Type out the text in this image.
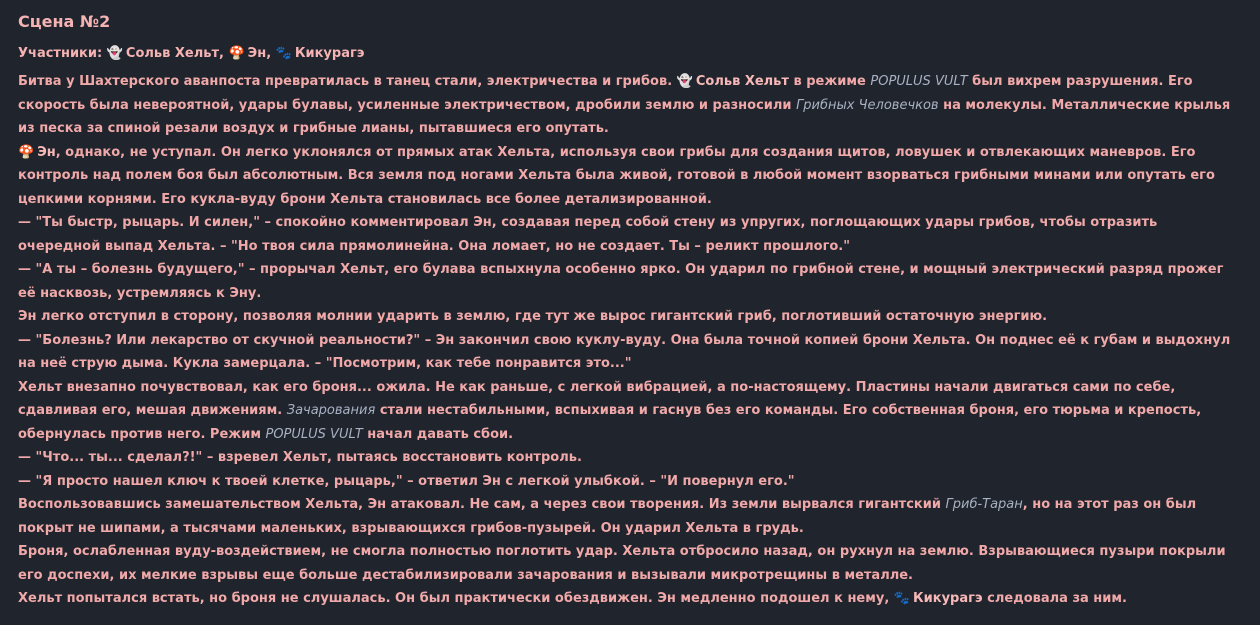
Сцена №2
Участники: 👻 Сольв Хельт, 🍄 Эн, 🐾 Кикурагэ

Битва у Шахтерского аванпоста превратилась в танец стали, электричества и грибов. 👻 Сольв Хельт в режиме POPULUS VULT был вихрем разрушения. Его скорость была невероятной, удары булавы, усиленные электричеством, дробили землю и разносили Грибных Человечков на молекулы. Металлические крылья из песка за спиной резали воздух и грибные лианы, пытавшиеся его опутать.

🍄 Эн, однако, не уступал. Он легко уклонялся от прямых атак Хельта, используя свои грибы для создания щитов, ловушек и отвлекающих маневров. Его контроль над полем боя был абсолютным. Вся земля под ногами Хельта была живой, готовой в любой момент взорваться грибными минами или опутать его цепкими корнями. Его кукла-вуду брони Хельта становилась все более детализированной.

— "Ты быстр, рыцарь. И силен," – спокойно комментировал Эн, создавая перед собой стену из упругих, поглощающих удары грибов, чтобы отразить очередной выпад Хельта. – "Но твоя сила прямолинейна. Она ломает, но не создает. Ты – реликт прошлого."

— "А ты – болезнь будущего," – прорычал Хельт, его булава вспыхнула особенно ярко. Он ударил по грибной стене, и мощный электрический разряд прожег её насквозь, устремляясь к Эну.

Эн легко отступил в сторону, позволяя молнии ударить в землю, где тут же вырос гигантский гриб, поглотивший остаточную энергию.

— "Болезнь? Или лекарство от скучной реальности?" – Эн закончил свою куклу-вуду. Она была точной копией брони Хельта. Он поднес её к губам и выдохнул на неё струю дыма. Кукла замерцала. – "Посмотрим, как тебе понравится это..."

Хельт внезапно почувствовал, как его броня... ожила. Не как раньше, с легкой вибрацией, а по-настоящему. Пластины начали двигаться сами по себе, сдавливая его, мешая движениям. Зачарования стали нестабильными, вспыхивая и гаснув без его команды. Его собственная броня, его тюрьма и крепость, обернулась против него. Режим POPULUS VULT начал давать сбои.

— "Что... ты... сделал?!" – взревел Хельт, пытаясь восстановить контроль.

— "Я просто нашел ключ к твоей клетке, рыцарь," – ответил Эн с легкой улыбкой. – "И повернул его."

Воспользовавшись замешательством Хельта, Эн атаковал. Не сам, а через свои творения. Из земли вырвался гигантский Гриб-Таран, но на этот раз он был покрыт не шипами, а тысячами маленьких, взрывающихся грибов-пузырей. Он ударил Хельта в грудь.

Броня, ослабленная вуду-воздействием, не смогла полностью поглотить удар. Хельта отбросило назад, он рухнул на землю. Взрывающиеся пузыри покрыли его доспехи, их мелкие взрывы еще больше дестабилизировали зачарования и вызывали микротрещины в металле.

Хельт попытался встать, но броня не слушалась. Он был практически обездвижен. Эн медленно подошел к нему, 🐾 Кикурагэ следовала за ним.
